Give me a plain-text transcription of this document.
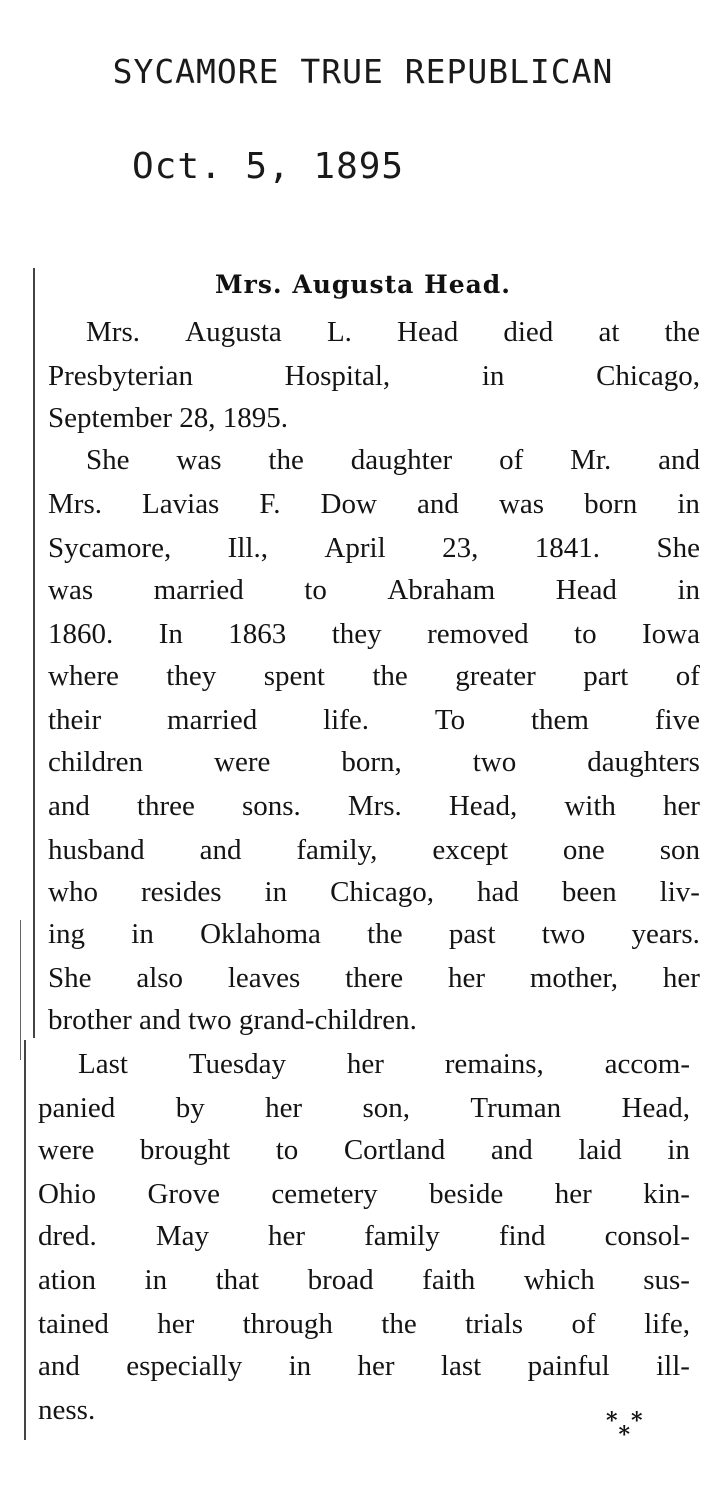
SYCAMORE TRUE REPUBLICAN
Oct. 5, 1895
Mrs. Augusta Head.
Mrs. Augusta L. Head died at the
Presbyterian	Hospital,	in	Chicago,
September 28, 1895.
She was the daughter of Mr. and
Mrs. Lavias F. Dow and was born in
Sycamore, Ill., April 23, 1841. She
was married to Abraham Head in
1860. In 1863 they removed to Iowa
where they spent the greater part of
their married life. To them five
children were born, two daughters
and three sons. Mrs. Head, with her
husband and family, except one son
who resides in Chicago, had been liv-
ing in Oklahoma the past two years.
She also leaves there her mother, her
brother and two grand-children.
Last Tuesday her remains, accom-
panied by her son, Truman Head,
were brought to Cortland and laid in
Ohio Grove cemetery beside her kin-
dred. May her family find consol-
ation in that broad faith which sus-
tained her through the trials of life,
and especially in her last painful ill-
ness.	***
